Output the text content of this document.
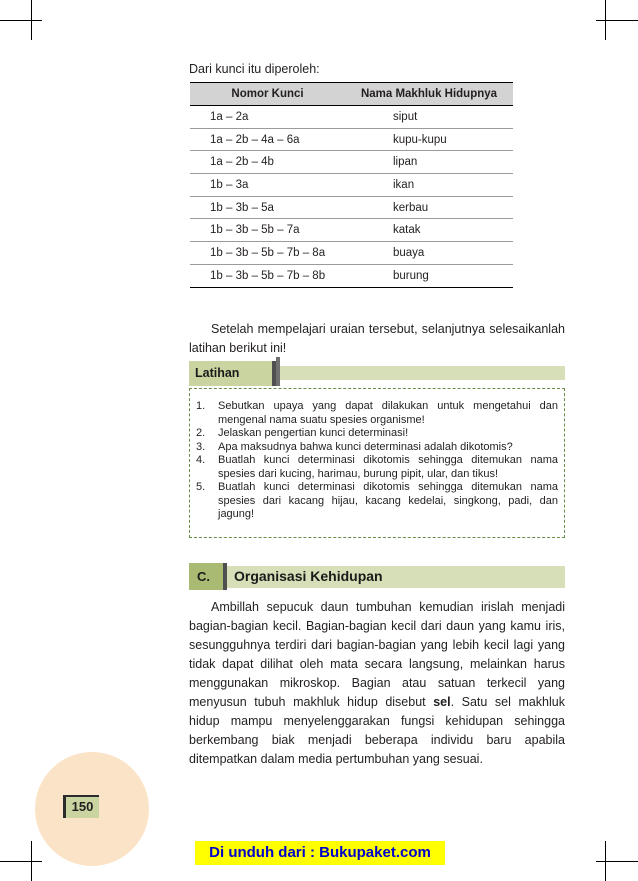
Dari kunci itu diperoleh:
Nomor Kunci	Nama Makhluk Hidupnya
1a – 2a	siput
1a – 2b – 4a – 6a	kupu-kupu
1a – 2b – 4b	lipan
1b – 3a	ikan
1b – 3b – 5a	kerbau
1b – 3b – 5b – 7a	katak
1b – 3b – 5b – 7b – 8a	buaya
1b – 3b – 5b – 7b – 8b	burung
Setelah mempelajari uraian tersebut, selanjutnya selesaikanlah latihan berikut ini!
Latihan
1.	Sebutkan upaya yang dapat dilakukan untuk mengetahui dan mengenal nama suatu spesies organisme!
2.	Jelaskan pengertian kunci determinasi!
3.	Apa maksudnya bahwa kunci determinasi adalah dikotomis?
4.	Buatlah kunci determinasi dikotomis sehingga ditemukan nama spesies dari kucing, harimau, burung pipit, ular, dan tikus!
5.	Buatlah kunci determinasi dikotomis sehingga ditemukan nama spesies dari kacang hijau, kacang kedelai, singkong, padi, dan jagung!
C.	Organisasi Kehidupan
Ambillah sepucuk daun tumbuhan kemudian irislah menjadi bagian-bagian kecil. Bagian-bagian kecil dari daun yang kamu iris, sesungguhnya terdiri dari bagian-bagian yang lebih kecil lagi yang tidak dapat dilihat oleh mata secara langsung, melainkan harus menggunakan mikroskop. Bagian atau satuan terkecil yang menyusun tubuh makhluk hidup disebut sel. Satu sel makhluk hidup mampu menyelenggarakan fungsi kehidupan sehingga berkembang biak menjadi beberapa individu baru apabila ditempatkan dalam media pertumbuhan yang sesuai.
150
Di unduh dari : Bukupaket.com
